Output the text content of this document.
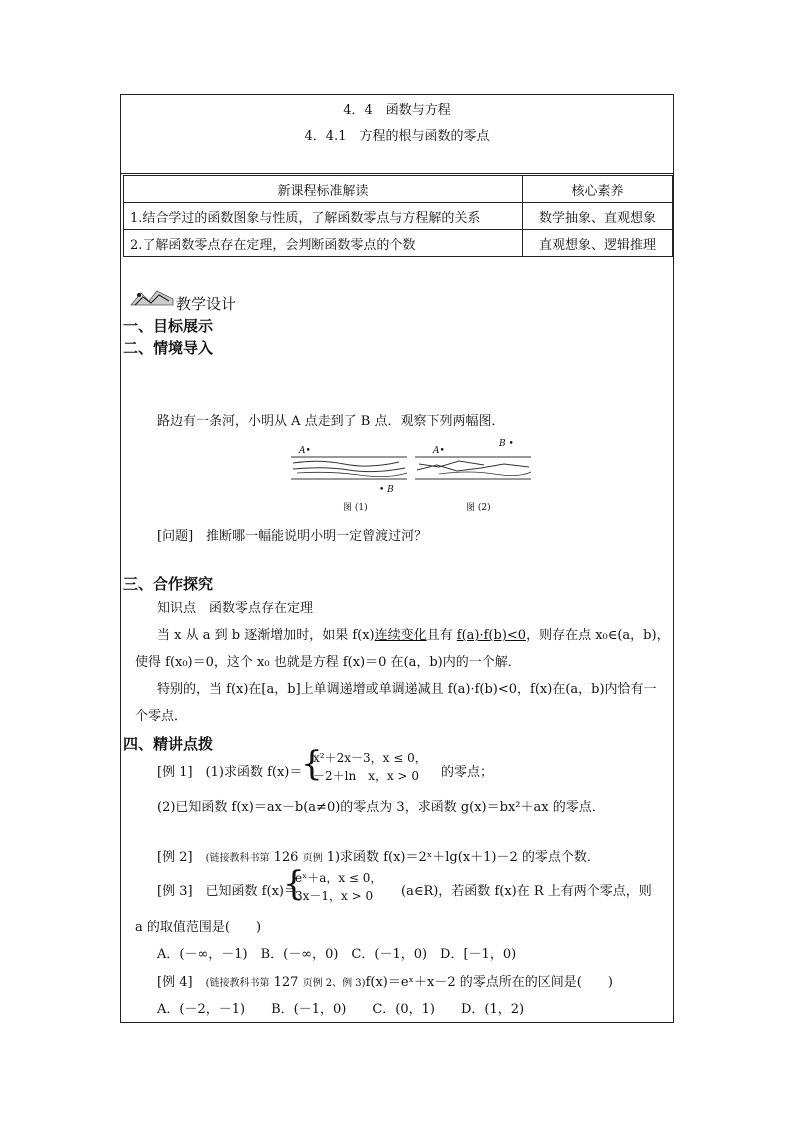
4．4　函数与方程
4．4.1　方程的根与函数的零点
新课程标准解读	核心素养
1.结合学过的函数图象与性质，了解函数零点与方程解的关系	数学抽象、直观想象
2.了解函数零点存在定理，会判断函数零点的个数	直观想象、逻辑推理
教学设计
一、目标展示
二、情境导入
路边有一条河，小明从 A 点走到了 B 点．观察下列两幅图．
A•
• B
A•
B •
图 (1)	图 (2)
[问题]　推断哪一幅能说明小明一定曾渡过河？
三、合作探究
知识点　函数零点存在定理
当 x 从 a 到 b 逐渐增加时，如果 f(x)连续变化且有 f(a)·f(b)<0，则存在点 x₀∈(a，b)，
使得 f(x₀)＝0，这个 x₀ 也就是方程 f(x)＝0 在(a，b)内的一个解．
特别的，当 f(x)在[a，b]上单调递增或单调递减且 f(a)·f(b)<0，f(x)在(a，b)内恰有一
个零点．
四、精讲点拨
[例 1]　(1)求函数 f(x)＝
{
x²＋2x－3，x ≤ 0，
－2＋ln　x，x > 0 的零点；
(2)已知函数 f(x)＝ax－b(a≠0)的零点为 3，求函数 g(x)＝bx²＋ax 的零点．
[例 2]　(链接教科书第 126 页例 1)求函数 f(x)＝2ˣ＋lg(x＋1)－2 的零点个数．
[例 3]　已知函数 f(x)＝
{
eˣ＋a，x ≤ 0，
3x－1，x > 0 (a∈R)，若函数 f(x)在 R 上有两个零点，则
a 的取值范围是(　　)
A．(－∞，－1)　B．(－∞，0)　C．(－1，0)　D．[－1，0)
[例 4]　(链接教科书第 127 页例 2、例 3)f(x)＝eˣ＋x－2 的零点所在的区间是(　　)
A．(－2，－1)　　B．(－1，0)　　C．(0，1)　　D．(1，2)
